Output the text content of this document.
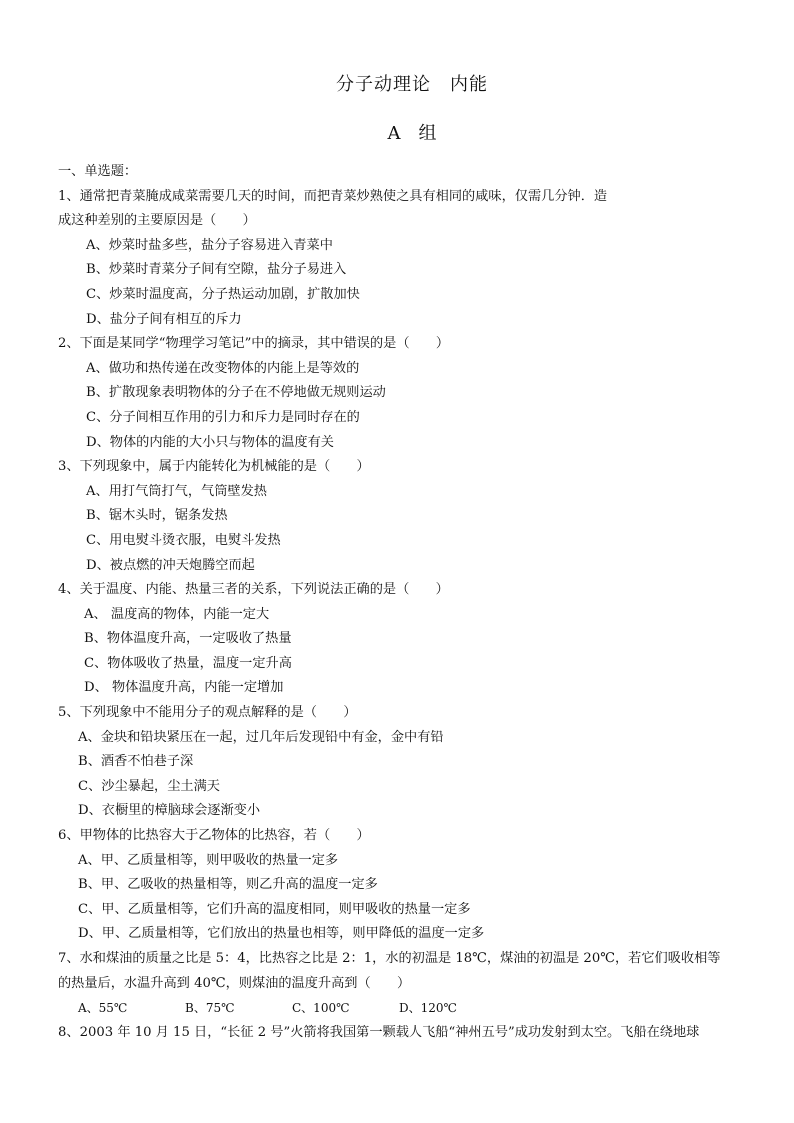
分子动理论　内能
A　组
一、单选题：
1、通常把青菜腌成咸菜需要几天的时间，而把青菜炒熟使之具有相同的咸味，仅需几分钟．造
成这种差别的主要原因是（　　）
A、炒菜时盐多些，盐分子容易进入青菜中
B、炒菜时青菜分子间有空隙，盐分子易进入
C、炒菜时温度高，分子热运动加剧，扩散加快
D、盐分子间有相互的斥力
2、下面是某同学“物理学习笔记”中的摘录，其中错误的是（　　）
A、做功和热传递在改变物体的内能上是等效的
B、扩散现象表明物体的分子在不停地做无规则运动
C、分子间相互作用的引力和斥力是同时存在的
D、物体的内能的大小只与物体的温度有关
3、下列现象中，属于内能转化为机械能的是（　　）
A、用打气筒打气，气筒壁发热
B、锯木头时，锯条发热
C、用电熨斗烫衣服，电熨斗发热
D、被点燃的冲天炮腾空而起
4、关于温度、内能、热量三者的关系，下列说法正确的是（　　）
A、 温度高的物体，内能一定大
B、物体温度升高，一定吸收了热量
C、物体吸收了热量，温度一定升高
D、 物体温度升高，内能一定增加
5、下列现象中不能用分子的观点解释的是（　　）
A、金块和铅块紧压在一起，过几年后发现铅中有金，金中有铅
B、酒香不怕巷子深
C、沙尘暴起，尘土满天
D、衣橱里的樟脑球会逐渐变小
6、甲物体的比热容大于乙物体的比热容，若（　　）
A、甲、乙质量相等，则甲吸收的热量一定多
B、甲、乙吸收的热量相等，则乙升高的温度一定多
C、甲、乙质量相等，它们升高的温度相同，则甲吸收的热量一定多
D、甲、乙质量相等，它们放出的热量也相等，则甲降低的温度一定多
7、水和煤油的质量之比是 5：4，比热容之比是 2：1，水的初温是 18℃，煤油的初温是 20℃，若它们吸收相等
的热量后，水温升高到 40℃，则煤油的温度升高到（　　）
A、55℃	B、75℃	C、100℃	D、120℃
8、2003 年 10 月 15 日，“长征 2 号”火箭将我国第一颗载人飞船“神州五号”成功发射到太空。飞船在绕地球
